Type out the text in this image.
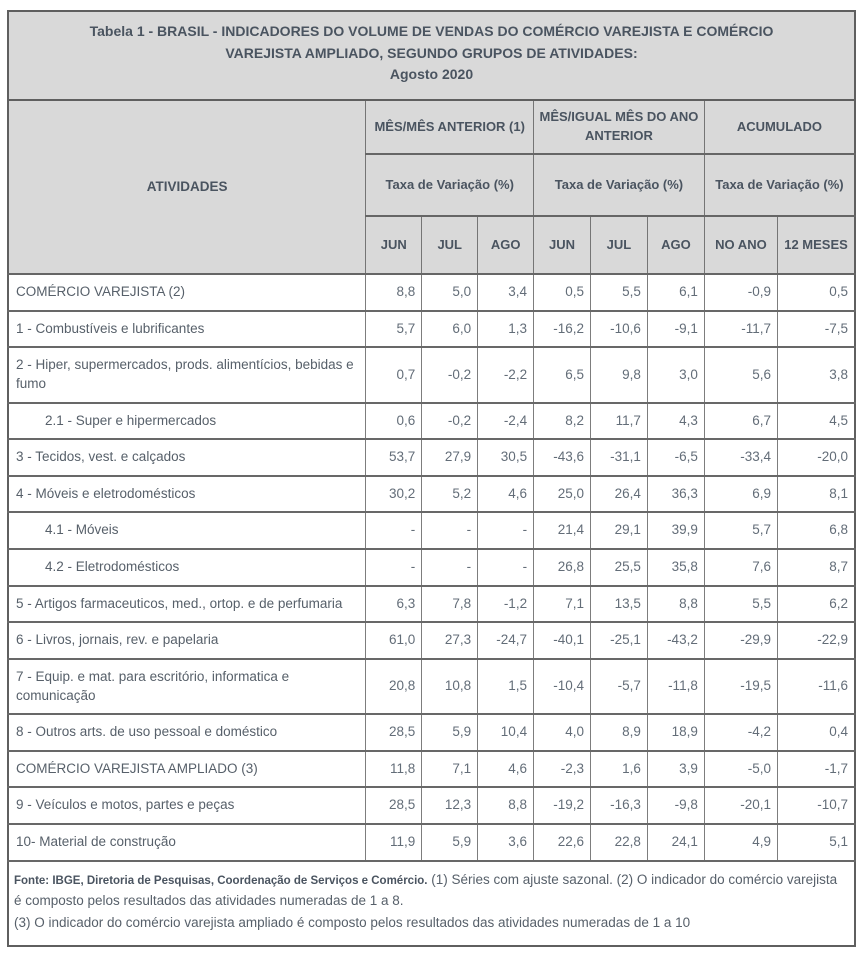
Tabela 1 - BRASIL - INDICADORES DO VOLUME DE VENDAS DO COMÉRCIO VAREJISTA E COMÉRCIO
VAREJISTA AMPLIADO, SEGUNDO GRUPOS DE ATIVIDADES:
Agosto 2020								

ATIVIDADES	MÊS/MÊS ANTERIOR (1)			MÊS/IGUAL MÊS DO ANO ANTERIOR			ACUMULADO	
	Taxa de Variação (%)			Taxa de Variação (%)			Taxa de Variação (%)	
	JUN	JUL	AGO	JUN	JUL	AGO	NO ANO	12 MESES
COMÉRCIO VAREJISTA (2)	8,8	5,0	3,4	0,5	5,5	6,1	-0,9	0,5
1 - Combustíveis e lubrificantes	5,7	6,0	1,3	-16,2	-10,6	-9,1	-11,7	-7,5
2 - Hiper, supermercados, prods. alimentícios, bebidas e fumo	0,7	-0,2	-2,2	6,5	9,8	3,0	5,6	3,8
2.1 - Super e hipermercados	0,6	-0,2	-2,4	8,2	11,7	4,3	6,7	4,5
3 - Tecidos, vest. e calçados	53,7	27,9	30,5	-43,6	-31,1	-6,5	-33,4	-20,0
4 - Móveis e eletrodomésticos	30,2	5,2	4,6	25,0	26,4	36,3	6,9	8,1
4.1 - Móveis	-	-	-	21,4	29,1	39,9	5,7	6,8
4.2 - Eletrodomésticos	-	-	-	26,8	25,5	35,8	7,6	8,7
5 - Artigos farmaceuticos, med., ortop. e de perfumaria	6,3	7,8	-1,2	7,1	13,5	8,8	5,5	6,2
6 - Livros, jornais, rev. e papelaria	61,0	27,3	-24,7	-40,1	-25,1	-43,2	-29,9	-22,9
7 - Equip. e mat. para escritório, informatica e comunicação	20,8	10,8	1,5	-10,4	-5,7	-11,8	-19,5	-11,6
8 - Outros arts. de uso pessoal e doméstico	28,5	5,9	10,4	4,0	8,9	18,9	-4,2	0,4
COMÉRCIO VAREJISTA AMPLIADO (3)	11,8	7,1	4,6	-2,3	1,6	3,9	-5,0	-1,7
9 - Veículos e motos, partes e peças	28,5	12,3	8,8	-19,2	-16,3	-9,8	-20,1	-10,7
10- Material de construção	11,9	5,9	3,6	22,6	22,8	24,1	4,9	5,1

Fonte: IBGE, Diretoria de Pesquisas, Coordenação de Serviços e Comércio. (1) Séries com ajuste sazonal. (2) O indicador do comércio varejista é composto pelos resultados das atividades numeradas de 1 a 8.

(3) O indicador do comércio varejista ampliado é composto pelos resultados das atividades numeradas de 1 a 10								
